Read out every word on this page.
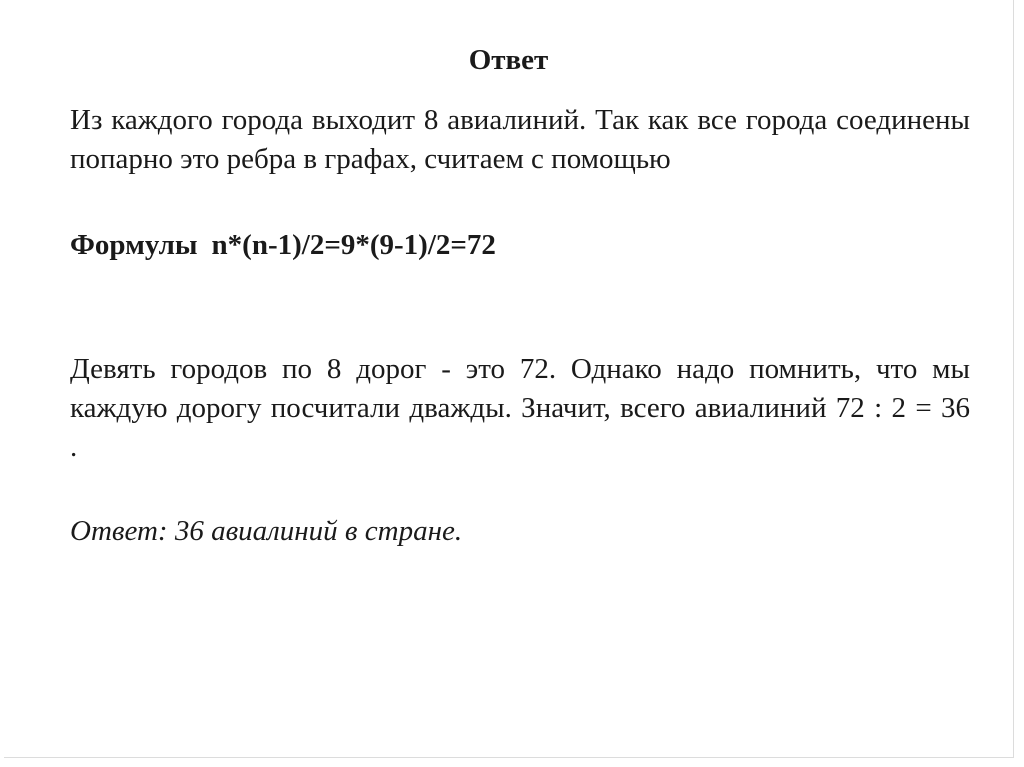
Ответ
Из каждого города выходит 8 авиалиний. Так как все города соединены попарно это ребра в графах, считаем с помощью
Формулы n*(n-1)/2=9*(9-1)/2=72
Девять городов по 8 дорог - это 72. Однако надо помнить, что мы каждую дорогу посчитали дважды. Значит, всего авиалиний 72 : 2 = 36 .
Ответ: 36 авиалиний в стране.
